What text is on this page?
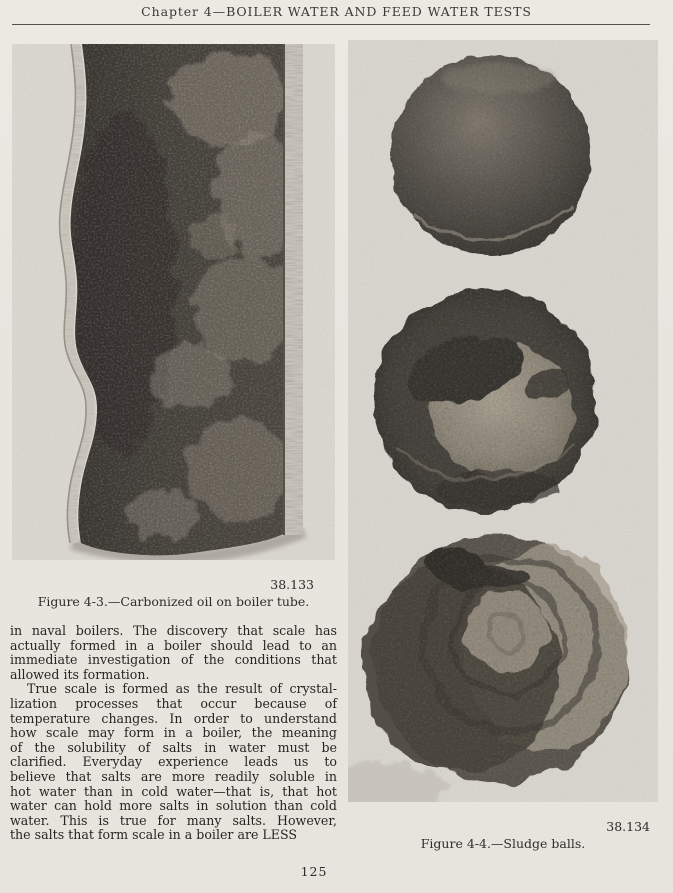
Chapter 4—BOILER WATER AND FEED WATER TESTS
38.133
Figure 4-3.—Carbonized oil on boiler tube.
in naval boilers. The discovery that scale has
actually formed in a boiler should lead to an
immediate investigation of the conditions that
allowed its formation.
True scale is formed as the result of crystal-
lization processes that occur because of
temperature changes. In order to understand
how scale may form in a boiler, the meaning
of the solubility of salts in water must be
clarified. Everyday experience leads us to
believe that salts are more readily soluble in
hot water than in cold water—that is, that hot
water can hold more salts in solution than cold
water. This is true for many salts. However,
the salts that form scale in a boiler are LESS
38.134
Figure 4-4.—Sludge balls.
125
